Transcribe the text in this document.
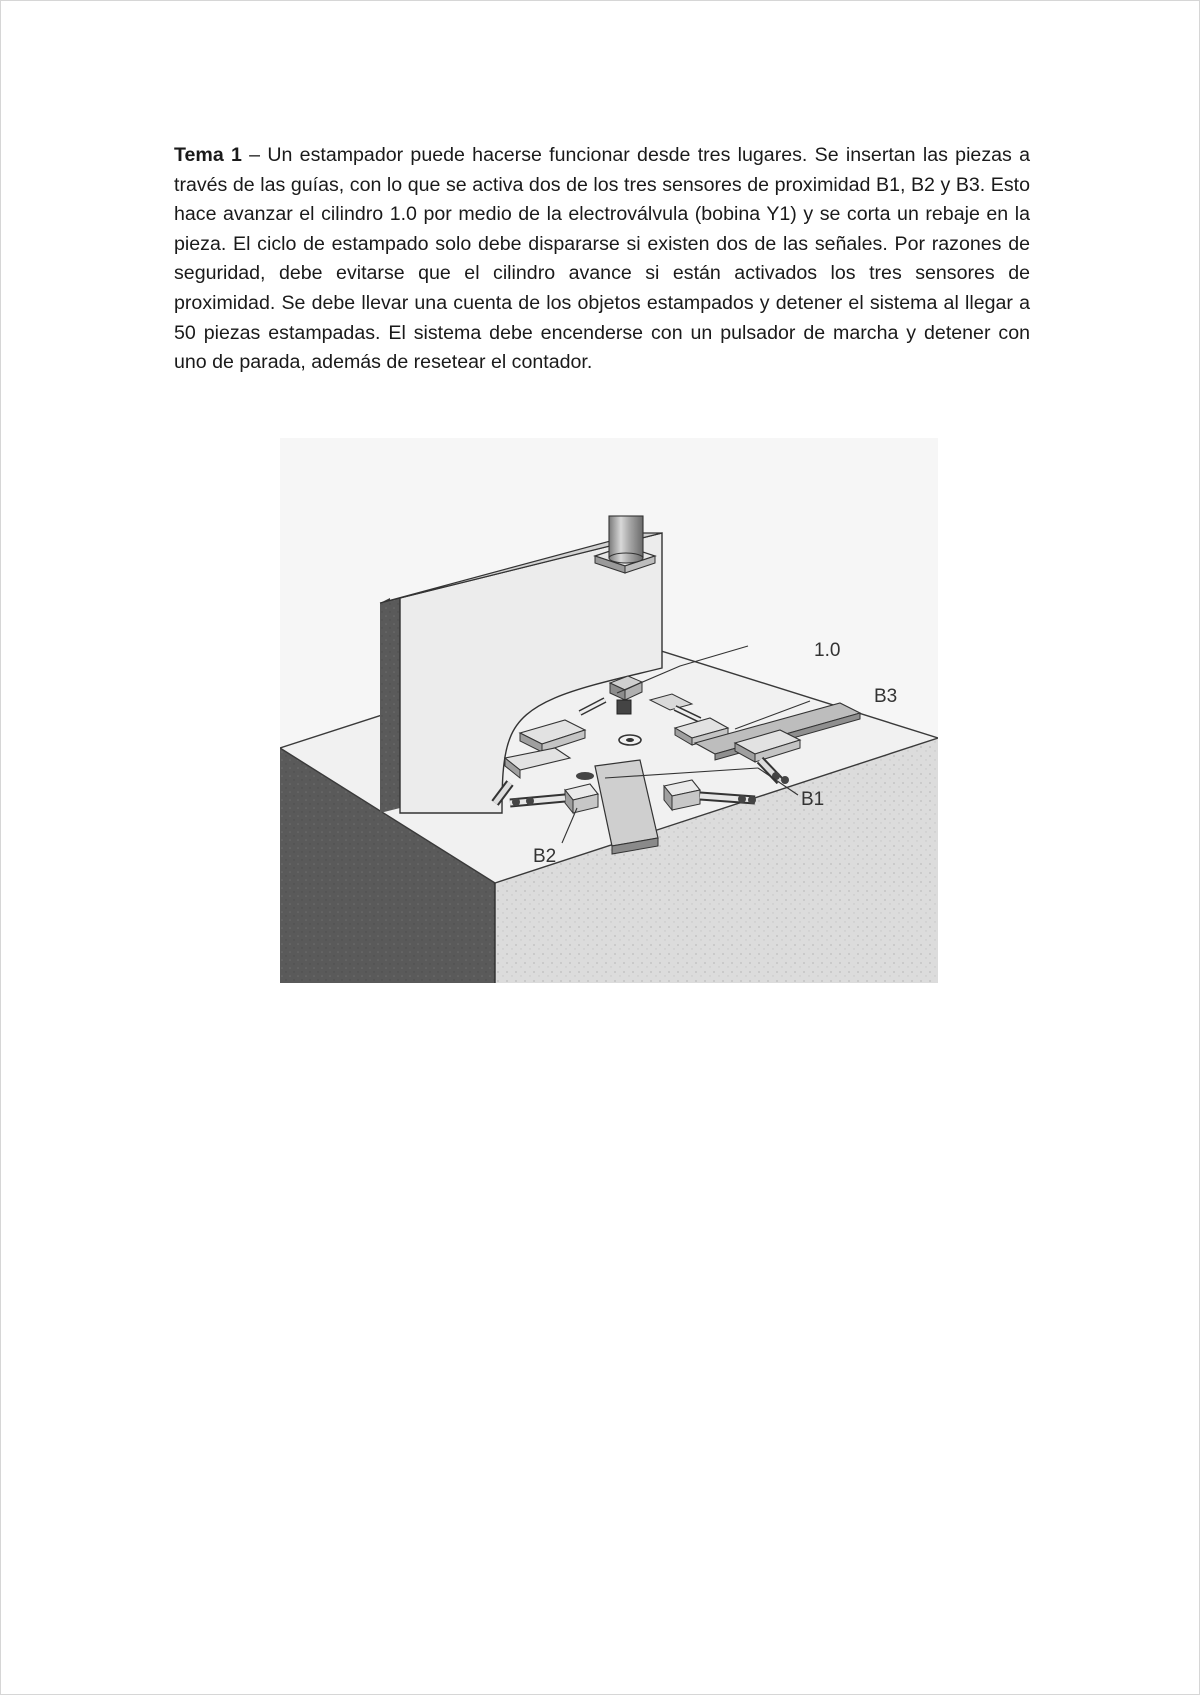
Tema 1 – Un estampador puede hacerse funcionar desde tres lugares. Se insertan las piezas a través de las guías, con lo que se activa dos de los tres sensores de proximidad B1, B2 y B3. Esto hace avanzar el cilindro 1.0 por medio de la electroválvula (bobina Y1) y se corta un rebaje en la pieza. El ciclo de estampado solo debe dispararse si existen dos de las señales. Por razones de seguridad, debe evitarse que el cilindro avance si están activados los tres sensores de proximidad. Se debe llevar una cuenta de los objetos estampados y detener el sistema al llegar a 50 piezas estampadas. El sistema debe encenderse con un pulsador de marcha y detener con uno de parada, además de resetear el contador.

1.0
B3
B1
B2
